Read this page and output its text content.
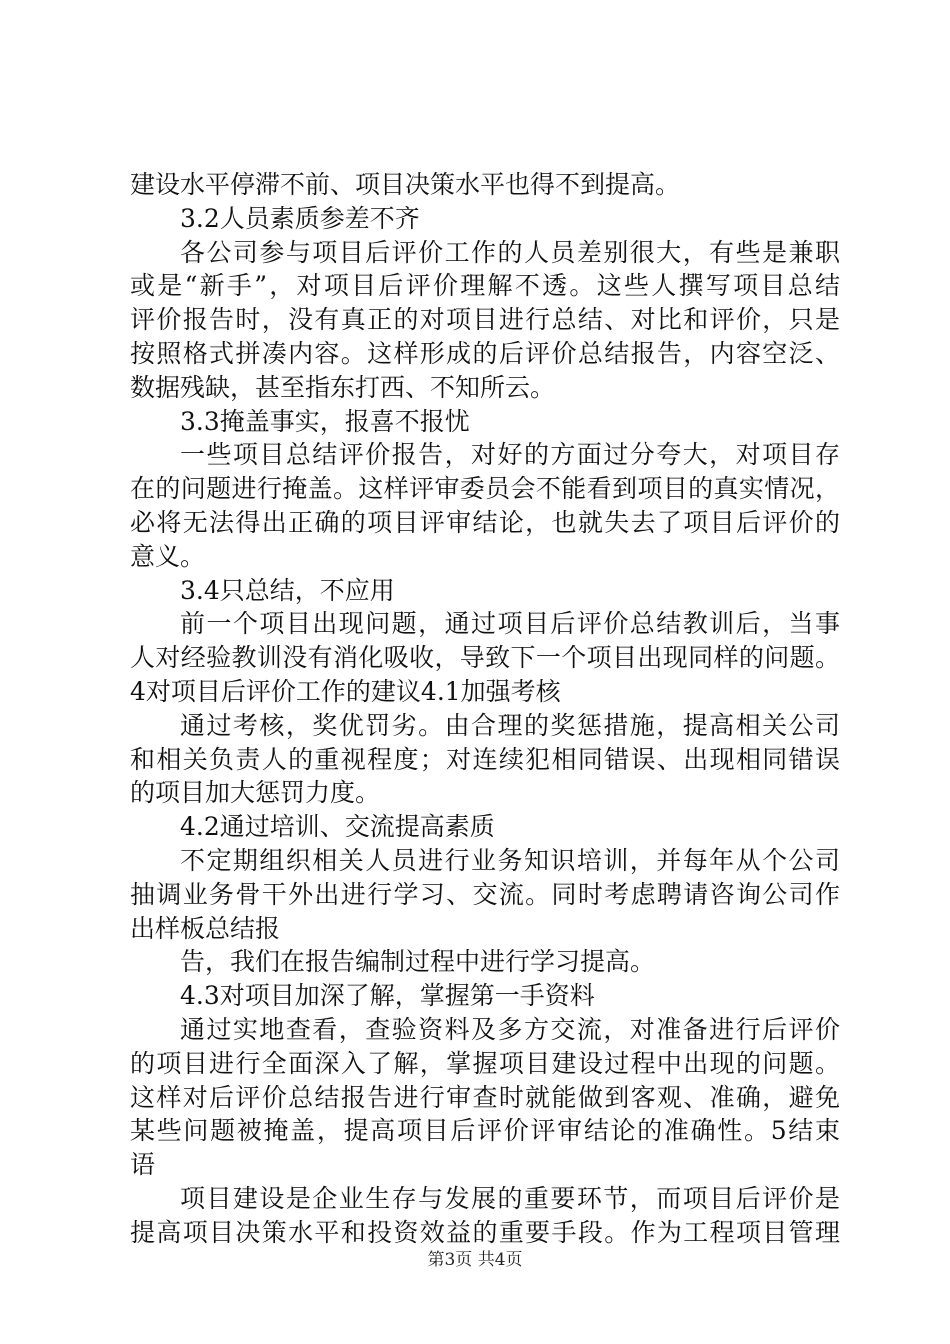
建设水平停滞不前、项目决策水平也得不到提高。
3.2人员素质参差不齐
各公司参与项目后评价工作的人员差别很大，有些是兼职
或是“新手”，对项目后评价理解不透。这些人撰写项目总结
评价报告时，没有真正的对项目进行总结、对比和评价，只是
按照格式拼凑内容。这样形成的后评价总结报告，内容空泛、
数据残缺，甚至指东打西、不知所云。
3.3掩盖事实，报喜不报忧
一些项目总结评价报告，对好的方面过分夸大，对项目存
在的问题进行掩盖。这样评审委员会不能看到项目的真实情况，
必将无法得出正确的项目评审结论，也就失去了项目后评价的
意义。
3.4只总结，不应用
前一个项目出现问题，通过项目后评价总结教训后，当事
人对经验教训没有消化吸收，导致下一个项目出现同样的问题。
4对项目后评价工作的建议4.1加强考核
通过考核，奖优罚劣。由合理的奖惩措施，提高相关公司
和相关负责人的重视程度；对连续犯相同错误、出现相同错误
的项目加大惩罚力度。
4.2通过培训、交流提高素质
不定期组织相关人员进行业务知识培训，并每年从个公司
抽调业务骨干外出进行学习、交流。同时考虑聘请咨询公司作
出样板总结报
告，我们在报告编制过程中进行学习提高。
4.3对项目加深了解，掌握第一手资料
通过实地查看，查验资料及多方交流，对准备进行后评价
的项目进行全面深入了解，掌握项目建设过程中出现的问题。
这样对后评价总结报告进行审查时就能做到客观、准确，避免
某些问题被掩盖，提高项目后评价评审结论的准确性。5结束
语
项目建设是企业生存与发展的重要环节，而项目后评价是
提高项目决策水平和投资效益的重要手段。作为工程项目管理
第3页 共4页
